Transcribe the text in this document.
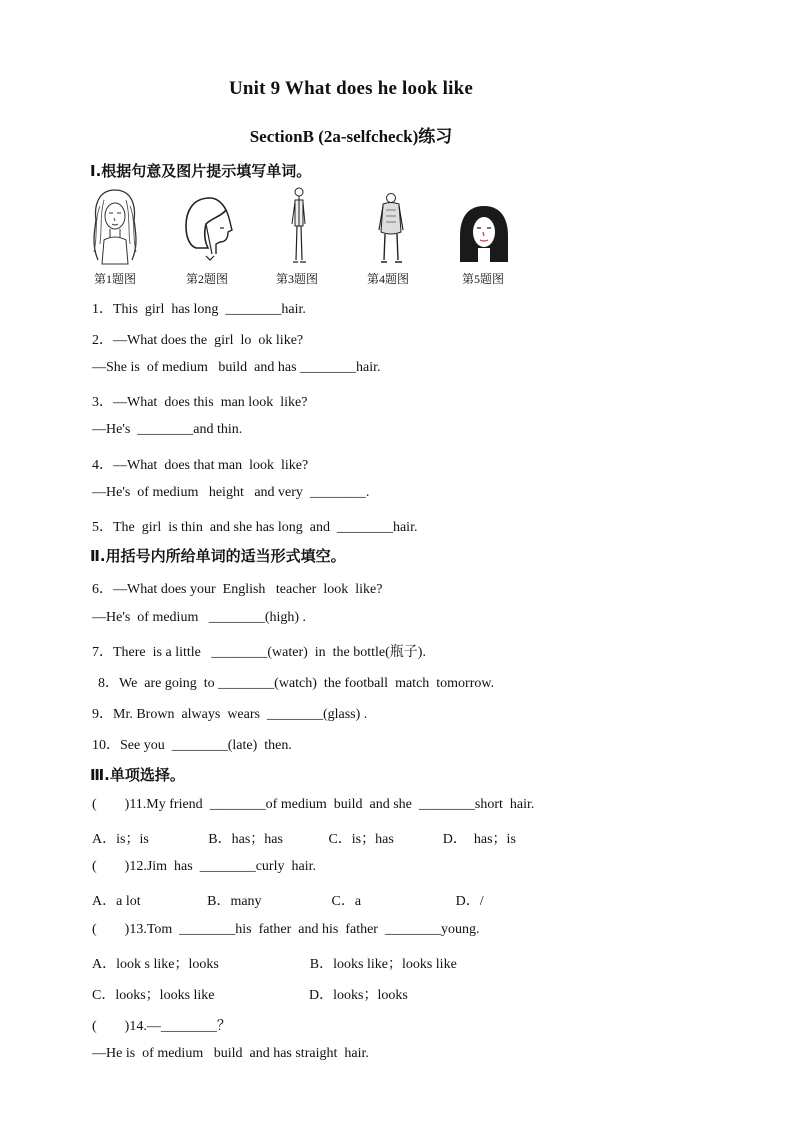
Unit 9 What does he look like
SectionB (2a-selfcheck)练习
Ⅰ.根据句意及图片提示填写单词。
第1题图	第2题图	第3题图	第4题图	第5题图
1．This  girl  has long  ________hair.
2．—What does the  girl  lo  ok like?
—She is  of medium   build  and has ________hair.
3．—What  does this  man look  like?
—He's  ________and thin.
4．—What  does that man  look  like?
—He's  of medium   height   and very  ________.
5．The  girl  is thin  and she has long  and  ________hair.
Ⅱ.用括号内所给单词的适当形式填空。
6．—What does your  English   teacher  look  like?
—He's  of medium   ________(high) .
7．There  is a little   ________(water)  in  the bottle(瓶子).
8．We  are going  to ________(watch)  the football  match  tomorrow.
9．Mr. Brown  always  wears  ________(glass) .
10．See you  ________(late)  then.
Ⅲ.单项选择。
(        )11.My friend  ________of medium  build  and she  ________short  hair.
A．is；is                 B．has；has             C．is；has              D．  has；is
(        )12.Jim  has  ________curly  hair.
A．a lot                   B．many                    C．a                           D．/
(        )13.Tom  ________his  father  and his  father  ________young.
A．look s like；looks                          B．looks like；looks like
C．looks；looks like                           D．looks；looks
(        )14.—________？
—He is  of medium   build  and has straight  hair.
